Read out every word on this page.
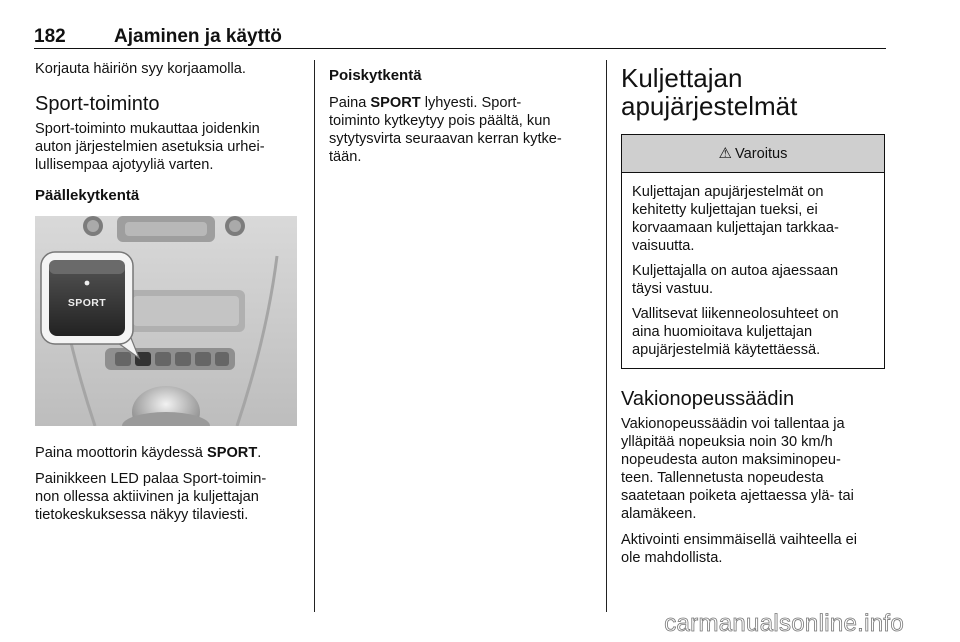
182	Ajaminen ja käyttö

Korjauta häiriön syy korjaamolla.

Sport-toiminto

Sport-toiminto mukauttaa joidenkin
auton järjestelmien asetuksia urhei-
lullisempaa ajotyyliä varten.

Päällekytkentä
SPORT

Paina moottorin käydessä SPORT.

Painikkeen LED palaa Sport-toimin-
non ollessa aktiivinen ja kuljettajan
tietokeskuksessa näkyy tilaviesti.

Poiskytkentä

Paina SPORT lyhyesti. Sport-
toiminto kytkeytyy pois päältä, kun
sytytysvirta seuraavan kerran kytke-
tään.

Kuljettajan
apujärjestelmät
⚠ Varoitus

Kuljettajan apujärjestelmät on
kehitetty kuljettajan tueksi, ei
korvaamaan kuljettajan tarkkaa-
vaisuutta.

Kuljettajalla on autoa ajaessaan
täysi vastuu.

Vallitsevat liikenneolosuhteet on
aina huomioitava kuljettajan
apujärjestelmiä käytettäessä.

Vakionopeussäädin

Vakionopeussäädin voi tallentaa ja
ylläpitää nopeuksia noin 30 km/h
nopeudesta auton maksiminopeu-
teen. Tallennetusta nopeudesta
saatetaan poiketa ajettaessa ylä- tai
alamäkeen.

Aktivointi ensimmäisellä vaihteella ei
ole mahdollista.

carmanualsonline.info
